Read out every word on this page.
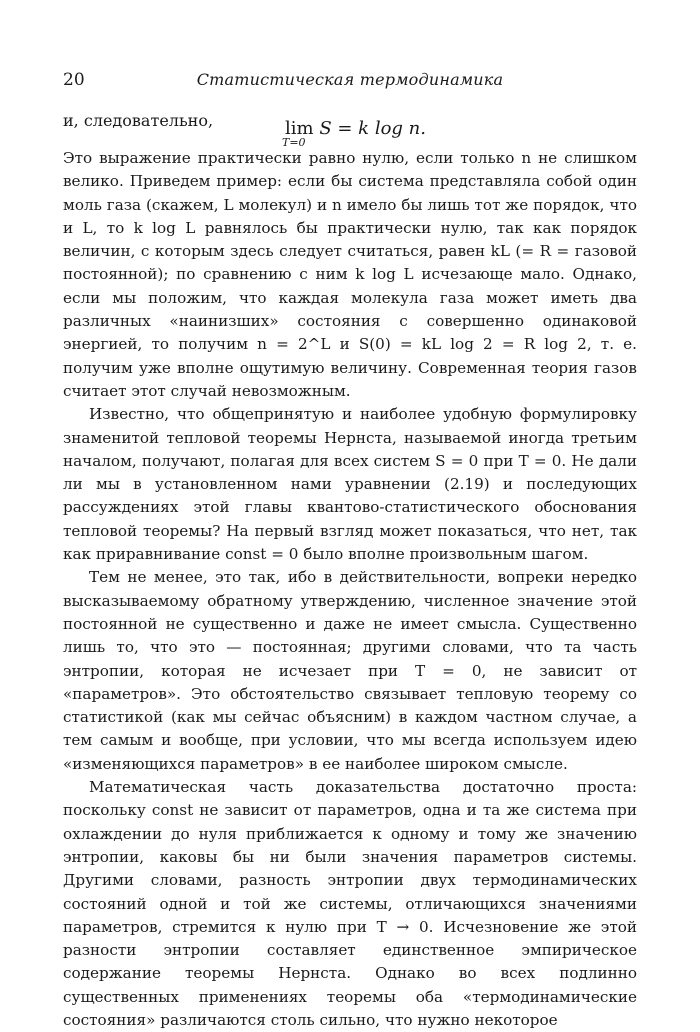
20	Статистическая термодинамика
и, следовательно,	lim
T=0
S = k log n.

Это выражение практически равно нулю, если только n не слишком велико. Приведем пример: если бы система представляла собой один моль газа (скажем, L молекул) и n имело бы лишь тот же порядок, что и L, то k log L равнялось бы практически нулю, так как порядок величин, с которым здесь следует считаться, равен kL (= R = газовой постоянной); по сравнению с ним k log L исчезающе мало. Однако, если мы положим, что каждая молекула газа может иметь два различных «наинизших» состояния с совершенно одинаковой энергией, то получим n = 2^L и S(0) = kL log 2 = R log 2, т. е. получим уже вполне ощутимую величину. Современная теория газов считает этот случай невозможным.

Известно, что общепринятую и наиболее удобную формулировку знаменитой тепловой теоремы Нернста, называемой иногда третьим началом, получают, полагая для всех систем S = 0 при T = 0. Не дали ли мы в установленном нами уравнении (2.19) и последующих рассуждениях этой главы квантово-статистического обоснования тепловой теоремы? На первый взгляд может показаться, что нет, так как приравнивание const = 0 было вполне произвольным шагом.

Тем не менее, это так, ибо в действительности, вопреки нередко высказываемому обратному утверждению, численное значение этой постоянной не существенно и даже не имеет смысла. Существенно лишь то, что это — постоянная; другими словами, что та часть энтропии, которая не исчезает при T = 0, не зависит от «параметров». Это обстоятельство связывает тепловую теорему со статистикой (как мы сейчас объясним) в каждом частном случае, а тем самым и вообще, при условии, что мы всегда используем идею «изменяющихся параметров» в ее наиболее широком смысле.

Математическая часть доказательства достаточно проста: поскольку const не зависит от параметров, одна и та же система при охлаждении до нуля приближается к одному и тому же значению энтропии, каковы бы ни были значения параметров системы. Другими словами, разность энтропии двух термодинамических состояний одной и той же системы, отличающихся значениями параметров, стремится к нулю при T → 0. Исчезновение же этой разности энтропии составляет единственное эмпирическое содержание теоремы Нернста. Однако во всех подлинно существенных применениях теоремы оба «термодинамические состояния» различаются столь сильно, что нужно некоторое
